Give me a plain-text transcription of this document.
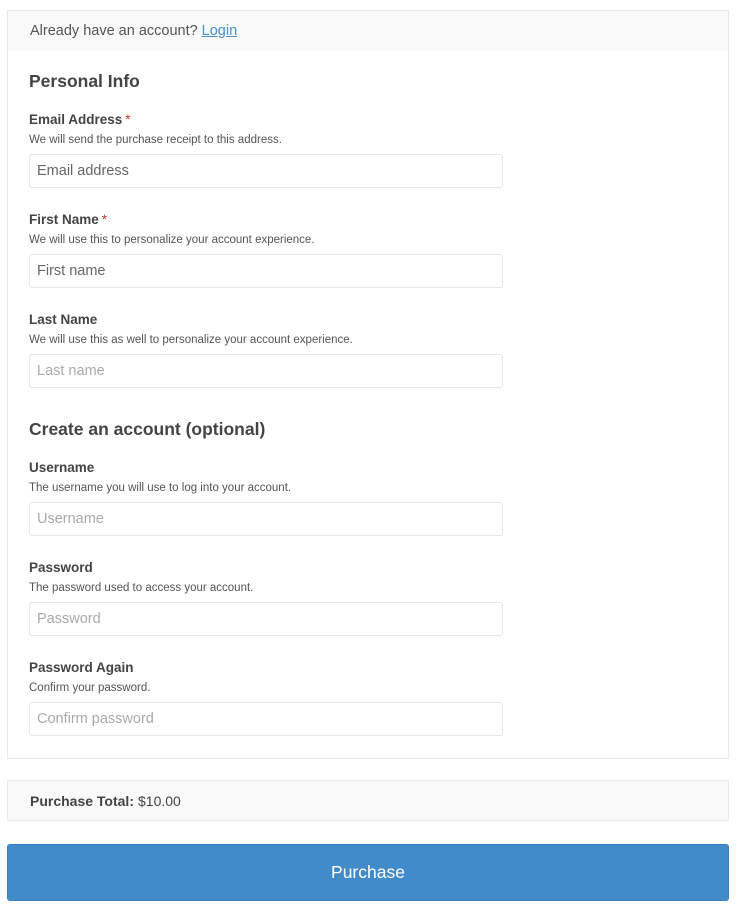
Already have an account? Login
Personal Info
Email Address *
We will send the purchase receipt to this address.
Email address
First Name *
We will use this to personalize your account experience.
First name
Last Name
We will use this as well to personalize your account experience.
Last name
Create an account (optional)
Username
The username you will use to log into your account.
Username
Password
The password used to access your account.
Password Again
Confirm your password.
Purchase Total: $10.00
Purchase
